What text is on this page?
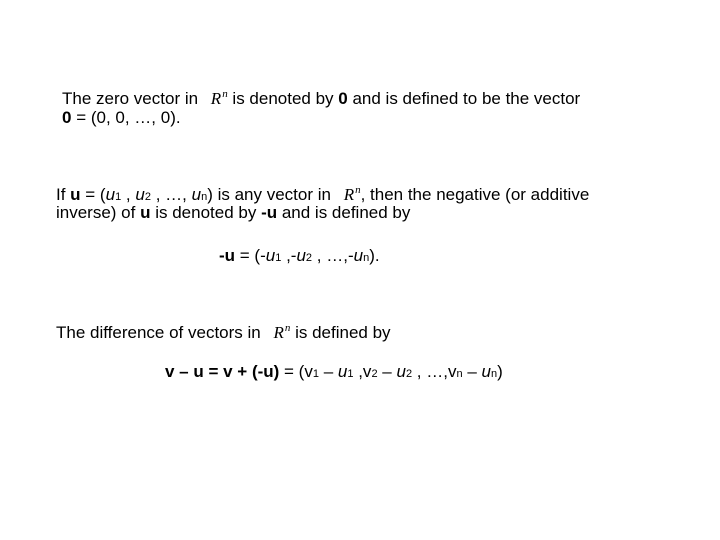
The zero vector in $R^n$ is denoted by 0 and is defined to be the vector
0 = (0, 0, …, 0).
If u = (u1 , u2 , …, un) is any vector in $R^n$, then the negative (or additive
inverse) of u is denoted by -u and is defined by
-u = (-u1 ,-u2 , …,-un).
The difference of vectors in $R^n$ is defined by
v – u = v + (-u) = (v1 – u1 ,v2 – u2 , …,vn – un)
